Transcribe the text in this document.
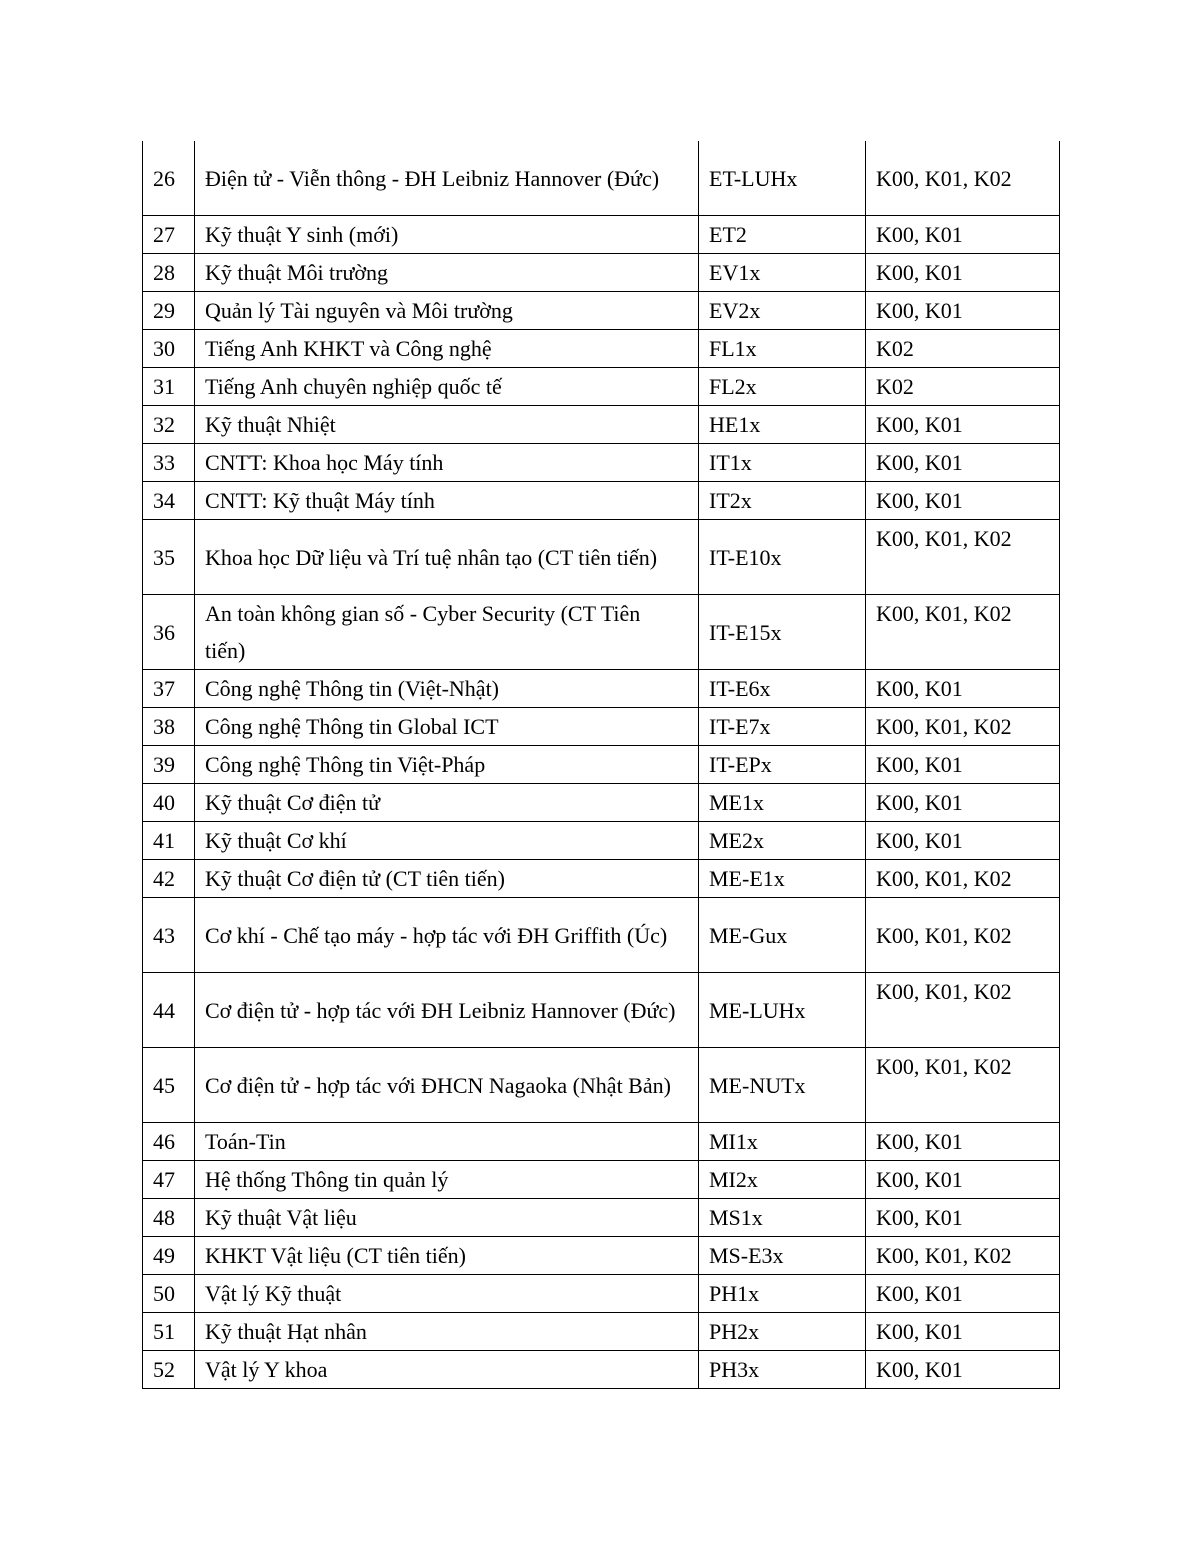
26	Điện tử - Viễn thông - ĐH Leibniz Hannover (Đức)	ET-LUHx	K00, K01, K02
27	Kỹ thuật Y sinh (mới)	ET2	K00, K01
28	Kỹ thuật Môi trường	EV1x	K00, K01
29	Quản lý Tài nguyên và Môi trường	EV2x	K00, K01
30	Tiếng Anh KHKT và Công nghệ	FL1x	K02
31	Tiếng Anh chuyên nghiệp quốc tế	FL2x	K02
32	Kỹ thuật Nhiệt	HE1x	K00, K01
33	CNTT: Khoa học Máy tính	IT1x	K00, K01
34	CNTT: Kỹ thuật Máy tính	IT2x	K00, K01
35	Khoa học Dữ liệu và Trí tuệ nhân tạo (CT tiên tiến)	IT-E10x	K00, K01, K02
36	An toàn không gian số - Cyber Security (CT Tiên tiến)	IT-E15x	K00, K01, K02
37	Công nghệ Thông tin (Việt-Nhật)	IT-E6x	K00, K01
38	Công nghệ Thông tin Global ICT	IT-E7x	K00, K01, K02
39	Công nghệ Thông tin Việt-Pháp	IT-EPx	K00, K01
40	Kỹ thuật Cơ điện tử	ME1x	K00, K01
41	Kỹ thuật Cơ khí	ME2x	K00, K01
42	Kỹ thuật Cơ điện tử (CT tiên tiến)	ME-E1x	K00, K01, K02
43	Cơ khí - Chế tạo máy - hợp tác với ĐH Griffith (Úc)	ME-Gux	K00, K01, K02
44	Cơ điện tử - hợp tác với ĐH Leibniz Hannover (Đức)	ME-LUHx	K00, K01, K02
45	Cơ điện tử - hợp tác với ĐHCN Nagaoka (Nhật Bản)	ME-NUTx	K00, K01, K02
46	Toán-Tin	MI1x	K00, K01
47	Hệ thống Thông tin quản lý	MI2x	K00, K01
48	Kỹ thuật Vật liệu	MS1x	K00, K01
49	KHKT Vật liệu (CT tiên tiến)	MS-E3x	K00, K01, K02
50	Vật lý Kỹ thuật	PH1x	K00, K01
51	Kỹ thuật Hạt nhân	PH2x	K00, K01
52	Vật lý Y khoa	PH3x	K00, K01
